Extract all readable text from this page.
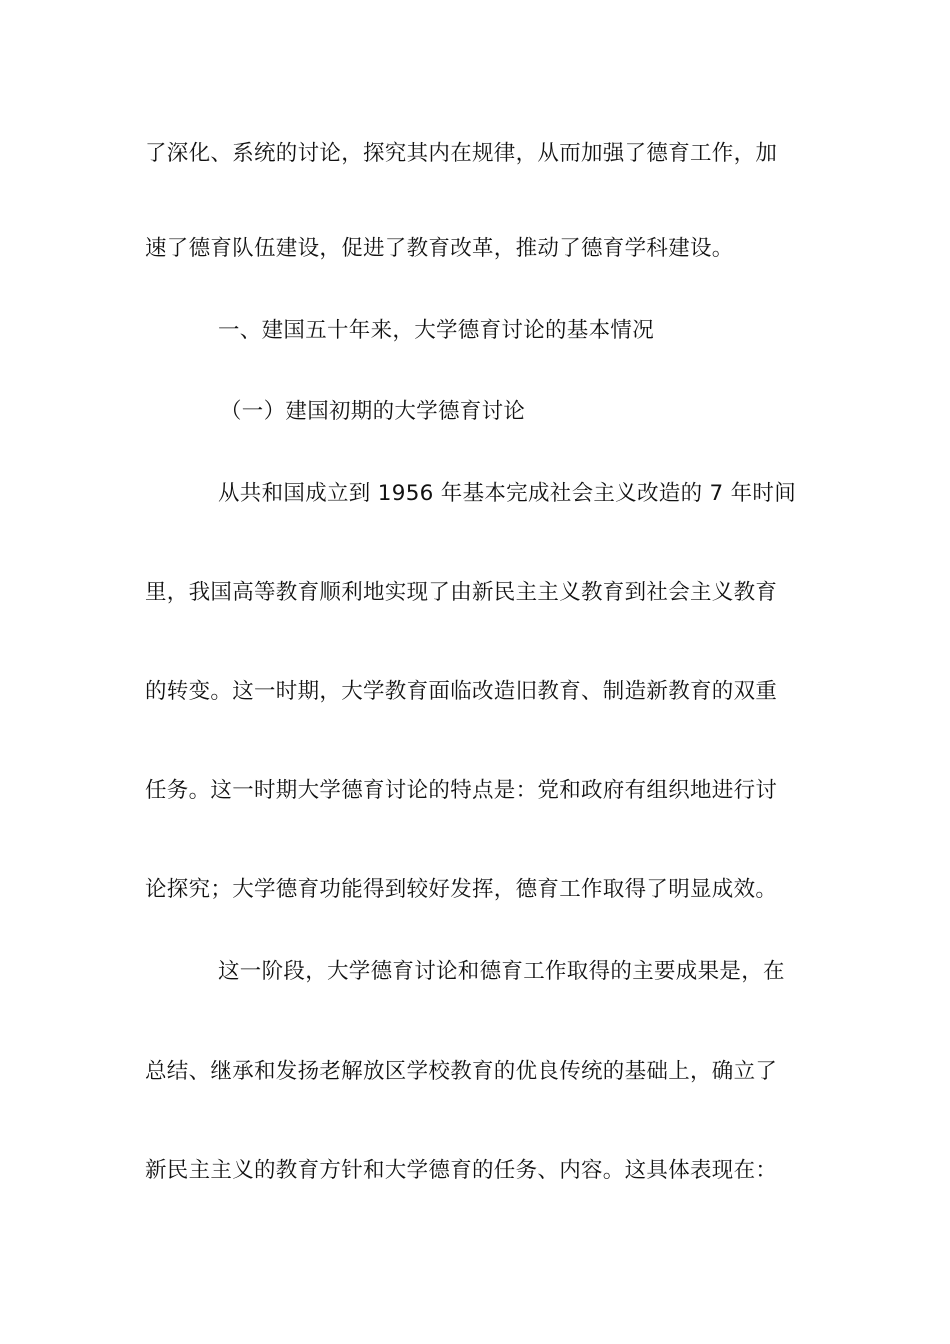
了深化、系统的讨论，探究其内在规律，从而加强了德育工作，加
速了德育队伍建设，促进了教育改革，推动了德育学科建设。
一、建国五十年来，大学德育讨论的基本情况
（一）建国初期的大学德育讨论
从共和国成立到 1956 年基本完成社会主义改造的 7 年时间
里，我国高等教育顺利地实现了由新民主主义教育到社会主义教育
的转变。这一时期，大学教育面临改造旧教育、制造新教育的双重
任务。这一时期大学德育讨论的特点是：党和政府有组织地进行讨
论探究；大学德育功能得到较好发挥，德育工作取得了明显成效。
这一阶段，大学德育讨论和德育工作取得的主要成果是，在
总结、继承和发扬老解放区学校教育的优良传统的基础上，确立了
新民主主义的教育方针和大学德育的任务、内容。这具体表现在：
